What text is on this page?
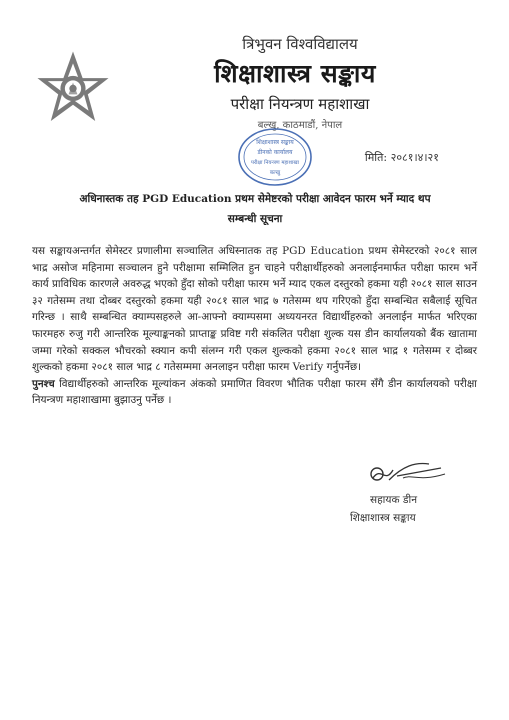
त्रिभुवन विश्वविद्यालय
शिक्षाशास्त्र सङ्काय
परीक्षा नियन्त्रण महाशाखा
बल्खु, काठमाडौं, नेपाल
शिक्षाशास्त्र सङ्काय
डीनको कार्यालय
परीक्षा नियन्त्रण महाशाखा
बल्खु
मिति: २०८१।४।२१
अधिनास्तक तह PGD Education प्रथम सेमेष्टरको परीक्षा आवेदन फारम भर्ने म्याद थप
सम्बन्धी सूचना

यस सङ्कायअन्तर्गत सेमेस्टर प्रणालीमा सञ्चालित अधिस्नातक तह PGD Education प्रथम सेमेस्टरको २०८१ साल भाद्र असोज महिनामा सञ्चालन हुने परीक्षामा सम्मिलित हुन चाहने परीक्षार्थीहरुको अनलाईनमार्फत परीक्षा फारम भर्ने कार्य प्राविधिक कारणले अवरुद्ध भएको हुँदा सोको परीक्षा फारम भर्ने म्याद एकल दस्तुरको हकमा यही २०८१ साल साउन ३२ गतेसम्म तथा दोब्बर दस्तुरको हकमा यही २०८१ साल भाद्र ७ गतेसम्म थप गरिएको हुँदा सम्बन्धित सबैलाई सूचित गरिन्छ । साथै सम्बन्धित क्याम्पसहरुले आ-आफ्नो क्याम्पसमा अध्ययनरत विद्यार्थीहरुको अनलाईन मार्फत भरिएका फारमहरु रुजु गरी आन्तरिक मूल्याङ्कनको प्राप्ताङ्क प्रविष्ट गरी संकलित परीक्षा शुल्क यस डीन कार्यालयको बैंक खातामा जम्मा गरेको सक्कल भौचरको स्क्यान कपी संलग्न गरी एकल शुल्कको हकमा २०८१ साल भाद्र १ गतेसम्म र दोब्बर शुल्कको हकमा २०८१ साल भाद्र ८ गतेसम्ममा अनलाइन परीक्षा फारम Verify गर्नुपर्नेछ।

पुनश्च विद्यार्थीहरुको आन्तरिक मूल्यांकन अंकको प्रमाणित विवरण भौतिक परीक्षा फारम सँगै डीन कार्यालयको परीक्षा नियन्त्रण महाशाखामा बुझाउनु पर्नेछ ।

सहायक डीन
शिक्षाशास्त्र सङ्काय
